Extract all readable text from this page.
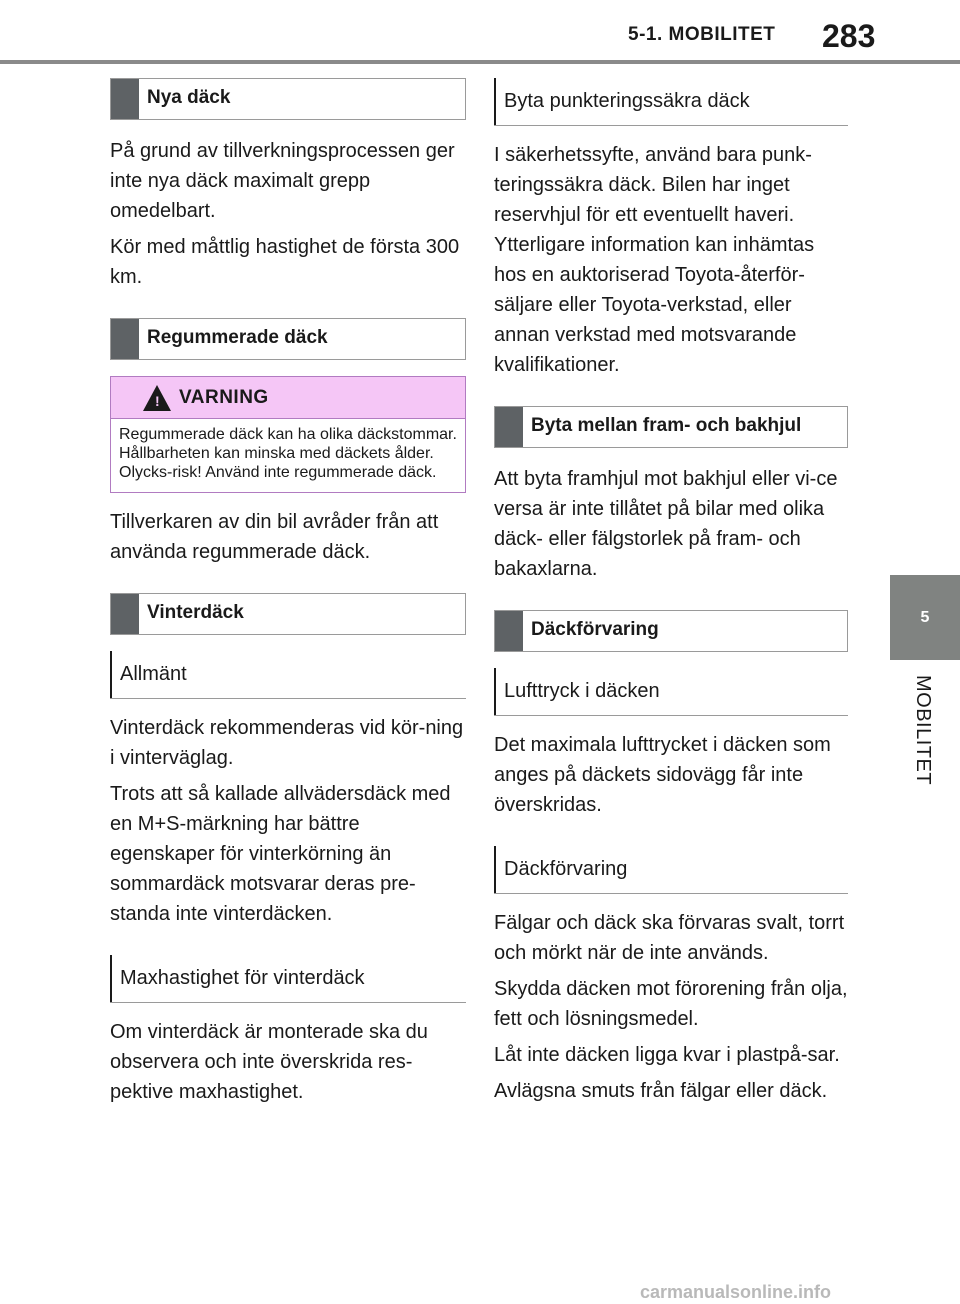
5-1. MOBILITET 283
5
MOBILITET
Nya däck

På grund av tillverkningsprocessen ger inte nya däck maximalt grepp omedelbart.

Kör med måttlig hastighet de första 300 km.

Regummerade däck
! VARNING
Regummerade däck kan ha olika däckstommar. Hållbarheten kan minska med däckets ålder. Olycks-risk! Använd inte regummerade däck.

Tillverkaren av din bil avråder från att använda regummerade däck.

Vinterdäck
Allmänt

Vinterdäck rekommenderas vid kör-ning i vinterväglag.

Trots att så kallade allvädersdäck med en M+S-märkning har bättre egenskaper för vinterkörning än sommardäck motsvarar deras pre-standa inte vinterdäcken.

Maxhastighet för vinterdäck

Om vinterdäck är monterade ska du observera och inte överskrida res-pektive maxhastighet.

Byta punkteringssäkra däck

I säkerhetssyfte, använd bara punk-teringssäkra däck. Bilen har inget reservhjul för ett eventuellt haveri. Ytterligare information kan inhämtas hos en auktoriserad Toyota-återför-säljare eller Toyota-verkstad, eller annan verkstad med motsvarande kvalifikationer.

Byta mellan fram- och bakhjul

Att byta framhjul mot bakhjul eller vi-ce versa är inte tillåtet på bilar med olika däck- eller fälgstorlek på fram- och bakaxlarna.

Däckförvaring
Lufttryck i däcken

Det maximala lufttrycket i däcken som anges på däckets sidovägg får inte överskridas.

Däckförvaring

Fälgar och däck ska förvaras svalt, torrt och mörkt när de inte används.

Skydda däcken mot förorening från olja, fett och lösningsmedel.

Låt inte däcken ligga kvar i plastpå-sar.

Avlägsna smuts från fälgar eller däck.

carmanualsonline.info
